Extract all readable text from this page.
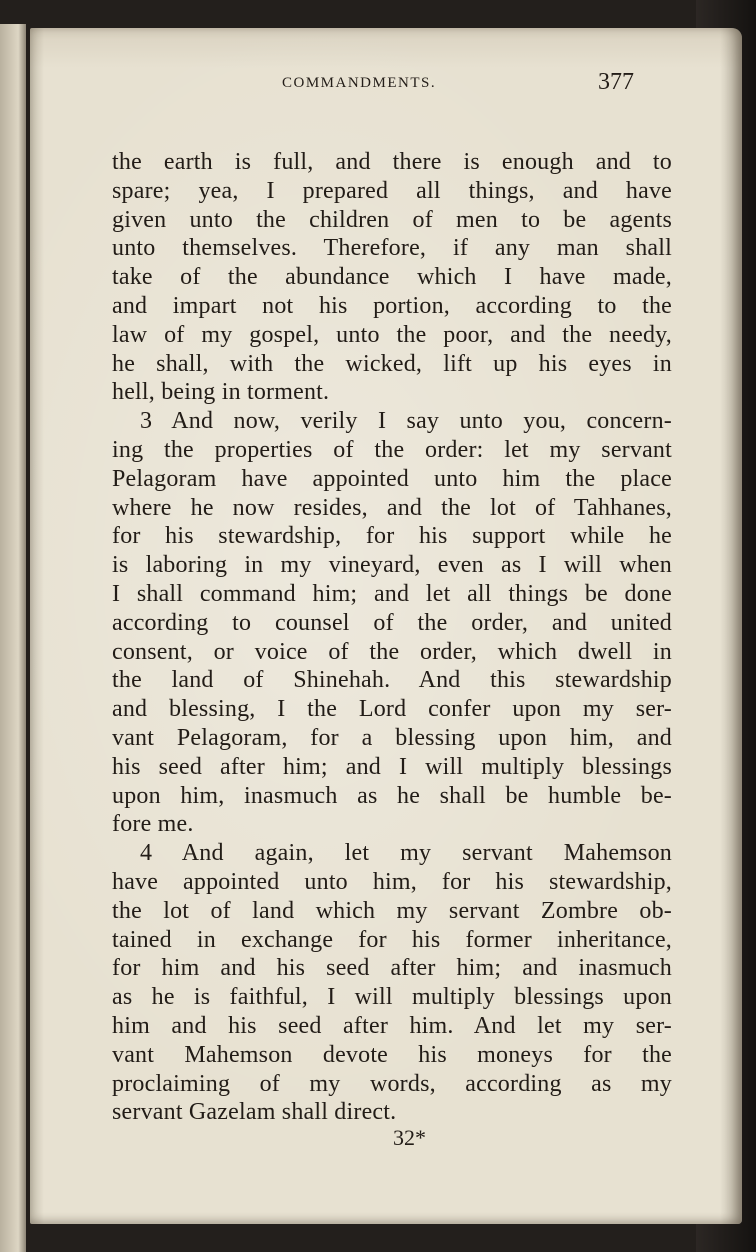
COMMANDMENTS.	377
the earth is full, and there is enough and to
spare; yea, I prepared all things, and have
given unto the children of men to be agents
unto themselves. Therefore, if any man shall
take of the abundance which I have made,
and impart not his portion, according to the
law of my gospel, unto the poor, and the needy,
he shall, with the wicked, lift up his eyes in
hell, being in torment.
3 And now, verily I say unto you, concern-
ing the properties of the order: let my servant
Pelagoram have appointed unto him the place
where he now resides, and the lot of Tahhanes,
for his stewardship, for his support while he
is laboring in my vineyard, even as I will when
I shall command him; and let all things be done
according to counsel of the order, and united
consent, or voice of the order, which dwell in
the land of Shinehah. And this stewardship
and blessing, I the Lord confer upon my ser-
vant Pelagoram, for a blessing upon him, and
his seed after him; and I will multiply blessings
upon him, inasmuch as he shall be humble be-
fore me.
4 And again, let my servant Mahemson
have appointed unto him, for his stewardship,
the lot of land which my servant Zombre ob-
tained in exchange for his former inheritance,
for him and his seed after him; and inasmuch
as he is faithful, I will multiply blessings upon
him and his seed after him. And let my ser-
vant Mahemson devote his moneys for the
proclaiming of my words, according as my
servant Gazelam shall direct.
32*
